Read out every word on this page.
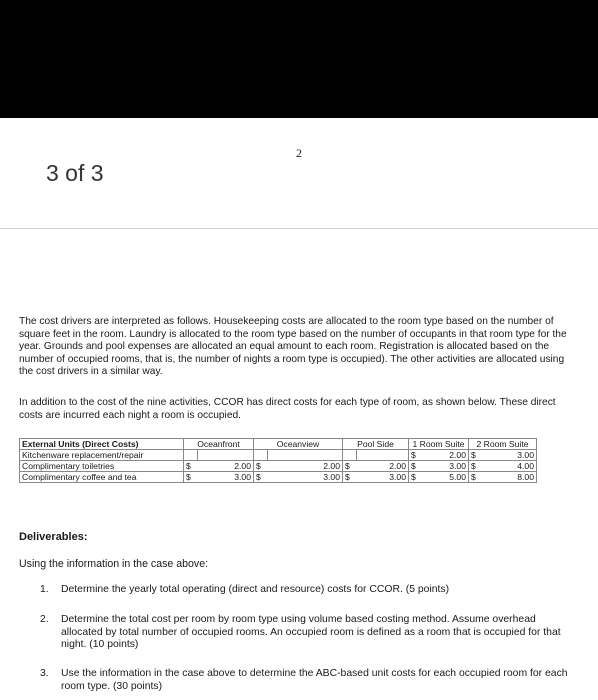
2
3 of 3
The cost drivers are interpreted as follows. Housekeeping costs are allocated to the room type based on the number of square feet in the room. Laundry is allocated to the room type based on the number of occupants in that room type for the year. Grounds and pool expenses are allocated an equal amount to each room. Registration is allocated based on the number of occupied rooms, that is, the number of nights a room type is occupied). The other activities are allocated using the cost drivers in a similar way.
In addition to the cost of the nine activities, CCOR has direct costs for each type of room, as shown below. These direct costs are incurred each night a room is occupied.
External Units (Direct Costs)	Oceanfront		Oceanview		Pool Side		1 Room Suite		2 Room Suite	
Kitchenware replacement/repair							$	2.00	$	3.00
Complimentary toiletries	$	2.00	$	2.00	$	2.00	$	3.00	$	4.00
Complimentary coffee and tea	$	3.00	$	3.00	$	3.00	$	5.00	$	8.00
Deliverables:
Using the information in the case above:
1. Determine the yearly total operating (direct and resource) costs for CCOR. (5 points)
2. Determine the total cost per room by room type using volume based costing method. Assume overhead allocated by total number of occupied rooms. An occupied room is defined as a room that is occupied for that night. (10 points)
3. Use the information in the case above to determine the ABC-based unit costs for each occupied room for each room type. (30 points)
